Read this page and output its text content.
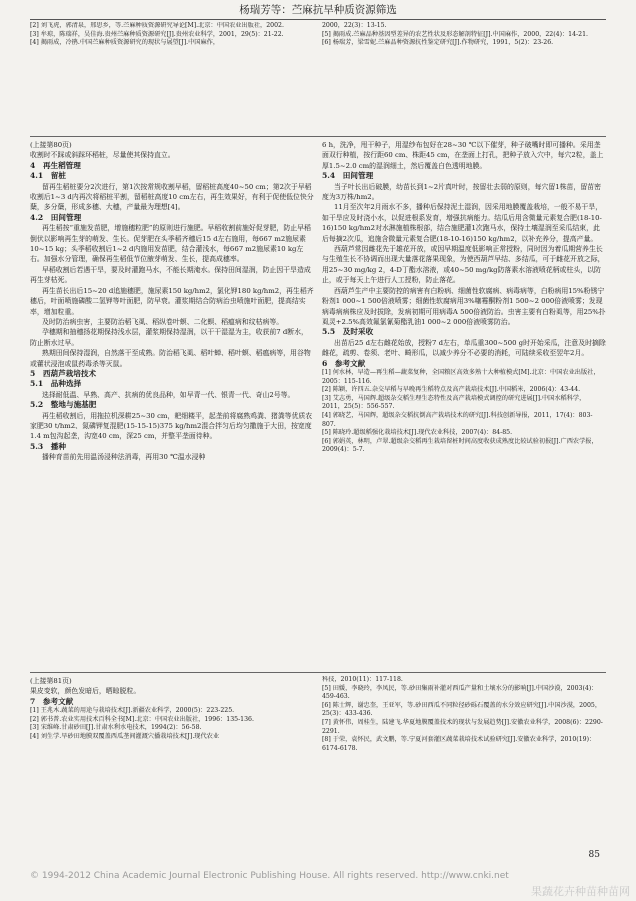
杨瑞芳等：苎麻抗旱种质资源筛选

[2] 刘飞虎，郭清泉，邢思乡，等.苎麻种质资源研究导论[M].北京：中国农业出版社，2002.

[3] 牟琼，陈瑞祥，吴佳海.贵州苎麻种质资源研究[J].贵州农业科学，2001，29(5)：21-22.

[4] 揭雨成，冷鹃.中国苎麻种质资源研究的现状与展望[J].中国麻作，

2000，22(3)：13-15.

[5] 揭雨成.苎麻品种基因型差异的农艺性状及形态解剖特征[J].中国麻作，2000，22(4)：14-21.

[6] 杨瑞芳，梁雪妮.苎麻品种资源抗性鉴定研究[J].作物研究，1991，5(2)：23-26.

(上接第80页)

收割时不踩或斜踩环稻桩，尽量使其保持直立。

4　再生稻管理

4.1　留桩

留再生稻桩要分2次进行，第1次按常规收割早稻，留稻桩高度40~50 cm；第2次于早稻收割后1~3 d内再次将稻桩平割，留稻桩高度10 cm左右，再生效果好，有利于促使低位快分蘖，多分蘖，形成多穗、大穗，产量最为理想[4]。

4.2　田间管理

再生稻按“重施发苗肥，增施穗粒肥”的原则进行施肥。早稻收割前施好促芽肥，防止早稻倒伏以影响再生芽的萌发、生长。促芽肥在头季稻齐穗后15 d左右施用，每667 m2施尿素10~15 kg；头季稻收割后1~2 d内施用发苗肥，结合灌浅水，每667 m2施尿素10 kg左右。加强水分管理，确保再生稻低节位腋芽萌发、生长，提高成穗率。

早稻收割后若遇干旱，要及时灌跑马水，不能长期淹水。保持田间湿润，防止因干旱造成再生芽枯死。

再生苗长出后15~20 d追施穗肥，施尿素150 kg/hm2，氯化钾180 kg/hm2，再生稻齐穗后，叶面喷施磷酸二氢钾等叶面肥，防早衰。灌浆期结合防病治虫喷施叶面肥，提高结实率，增加粒重。

及时防治病虫害，主要防治稻飞虱、稻纵卷叶螟、二化螟、稻瘟病和纹枯病等。

孕穗期和抽穗扬花期保持浅水层，灌浆期保持湿润，以干干湿湿为主，收获前7 d断水，防止断水过早。

熟期田间保持湿润，自然落干至成熟。防治稻飞虱、稻叶蝉、稻叶螟、稻瘟病等，用谷物或藿状浸泡或鼠药毒杀等灭鼠。

5　西葫芦栽培技术

5.1　品种选择

选择耐低温、早熟、高产、抗病的优良品种，如早青一代、银青一代、奇山2号等。

5.2　整地与施基肥

再生稻收割后，用拖拉机深耕25~30 cm，耙细耧平，起垄前将腐熟鸡粪、猪粪等优质农家肥30 t/hm2、氮磷钾复混肥(15-15-15)375 kg/hm2混合拌匀后均匀撒施于大田，按宽度1.4 m包沟起垄，沟宽40 cm，深25 cm，并整平垄面待种。

5.3　播种

播种育苗前先用温汤浸种法消毒，再用30 ℃温水浸种

6 h，洗净，甩干种子，用湿纱布包好在28~30 ℃以下催芽，种子破嘴时即可播种。采用垄面双行种植，按行距60 cm、株距45 cm，在垄面上打孔，把种子放入穴中，每穴2粒，盖上厚1.5~2.0 cm的湿润细土，然后覆盖白色透明地膜。

5.4　田间管理

当子叶长出后破膜，幼苗长到1~2片真叶时，按留壮去弱的原则，每穴留1株苗，留苗密度为3万株/hm2。

11月至次年2月雨水不多，播种后保持泥土湿润，因采用地膜覆盖栽培，一般不易干旱，如干旱应及时浇小水，以促进根系发育，增强抗病能力。结瓜后用含微量元素复合肥(18-10-16)150 kg/hm2对水淋施植株根部，结合施肥灌1次跑马水，保持土壤湿润至采瓜结束，此后每摘2次瓜，追施含微量元素复合肥(18-10-16)150 kg/hm2，以补充养分，提高产量。

西葫芦常因雌花先于雄花开放，或因早期温度低影响正常授粉，同时因为着瓜期营养生长与生殖生长不协调而出现大量落花落果现象，为使西葫芦早结、多结瓜，可于雌花开放之际，用25~30 mg/kg 2，4-D丁酯水溶液，或40~50 mg/kg防落素水溶液喷花柄或柱头，以防止，或于每天上午进行人工授粉，防止落花。

西葫芦生产中主要防控的病害有白粉病、细菌性软腐病、病毒病等，白粉病用15%粉锈宁粉剂1 000~1 500倍液喷雾；细菌性软腐病用3%噻霉酮粉剂1 500~2 000倍液喷雾；发现病毒病病株应及时拔除，发病初期可用病毒A 500倍液防治。虫害主要有白粉虱等，用25%扑虱灵+2.5%高效氟氯氰菊酯乳油1 000~2 000倍液喷雾防治。

5.5　及时采收

出苗后25 d左右雌花始放，授粉7 d左右，单瓜重300~500 g时开始采瓜，注意及时摘除雌花，疏剪、卷须、老叶、畸形瓜，以减少养分不必要的消耗，可陆续采收至翌年2月。

6　参考文献

[1] 何水林，早造—再生稻—蔬菜复种，全国粮区高效多熟十大种植模式[M].北京：中国农业出版社，2005：115-116.

[2] 陈颖，许四五.杂交早稻与早晚再生稻特点及高产栽培技术[J].中国稻米，2006(4)：43-44.

[3] 艾志勇，马国辉.超级杂交稻生理生态特性及高产栽培模式调控的研究进展[J].中国水稻科学，2011，25(5)：556-557.

[4] 郭晓艺，马国辉，超级杂交稻抗倒高产栽培技术的研究[J].科技创新导报，2011，17(4)：803-807.

[5] 陈晓玲.超级稻强化栽培技术[J].现代农业科技，2007(4)：84-85.

[6] 郭娟英，林明，卢翠.超级杂交稻再生栽培留桩时间高度收获成熟度比较试验初报[J].广西农学报，2009(4)：5-7.

(上接第81页)

果皮变软，颜色发暗后，晒晾脱粒。

7　参考文献

[1] 王兆木.蔬菜的用途与栽培技术[J].新疆农业科学，2000(5)：223-225.

[2] 郭书普.农业实用技术百科全书[M].北京：中国农业出版社，1996：135-136.

[3] 宋维峰.甘肃砂田[J].甘肃水利水电技术，1994(2)：56-58.

[4] 刘生学.旱砂田地膜双覆盖西瓜垄间灌溉穴播栽培技术[J].现代农业

科技，2010(11)：117-118.

[5] 田媛，李晓玲，李凤民，等.砂田集雨补灌对西瓜产量和土壤水分的影响[J].中国沙漠，2003(4)：459-463.

[6] 陈士辉，谢忠奎，王亚军，等.砂田西瓜不同粒径砂砾石覆盖的水分效应研究[J].中国沙漠，2005，25(3)：433-436.

[7] 黄怀伟，周桂生，陆建飞.华夏地膜覆盖技术的现状与发展趋势[J].安徽农业科学，2008(6)：2290-2291.

[8] 于荣，袁怀民，武文鹏，等.宁夏河套灌区蔬菜栽培技术试验研究[J].安徽农业科学，2010(19)：6174-6178.

85
© 1994-2012 China Academic Journal Electronic Publishing House. All rights reserved. http://www.cnki.net
果蔬花卉种苗种苗网
